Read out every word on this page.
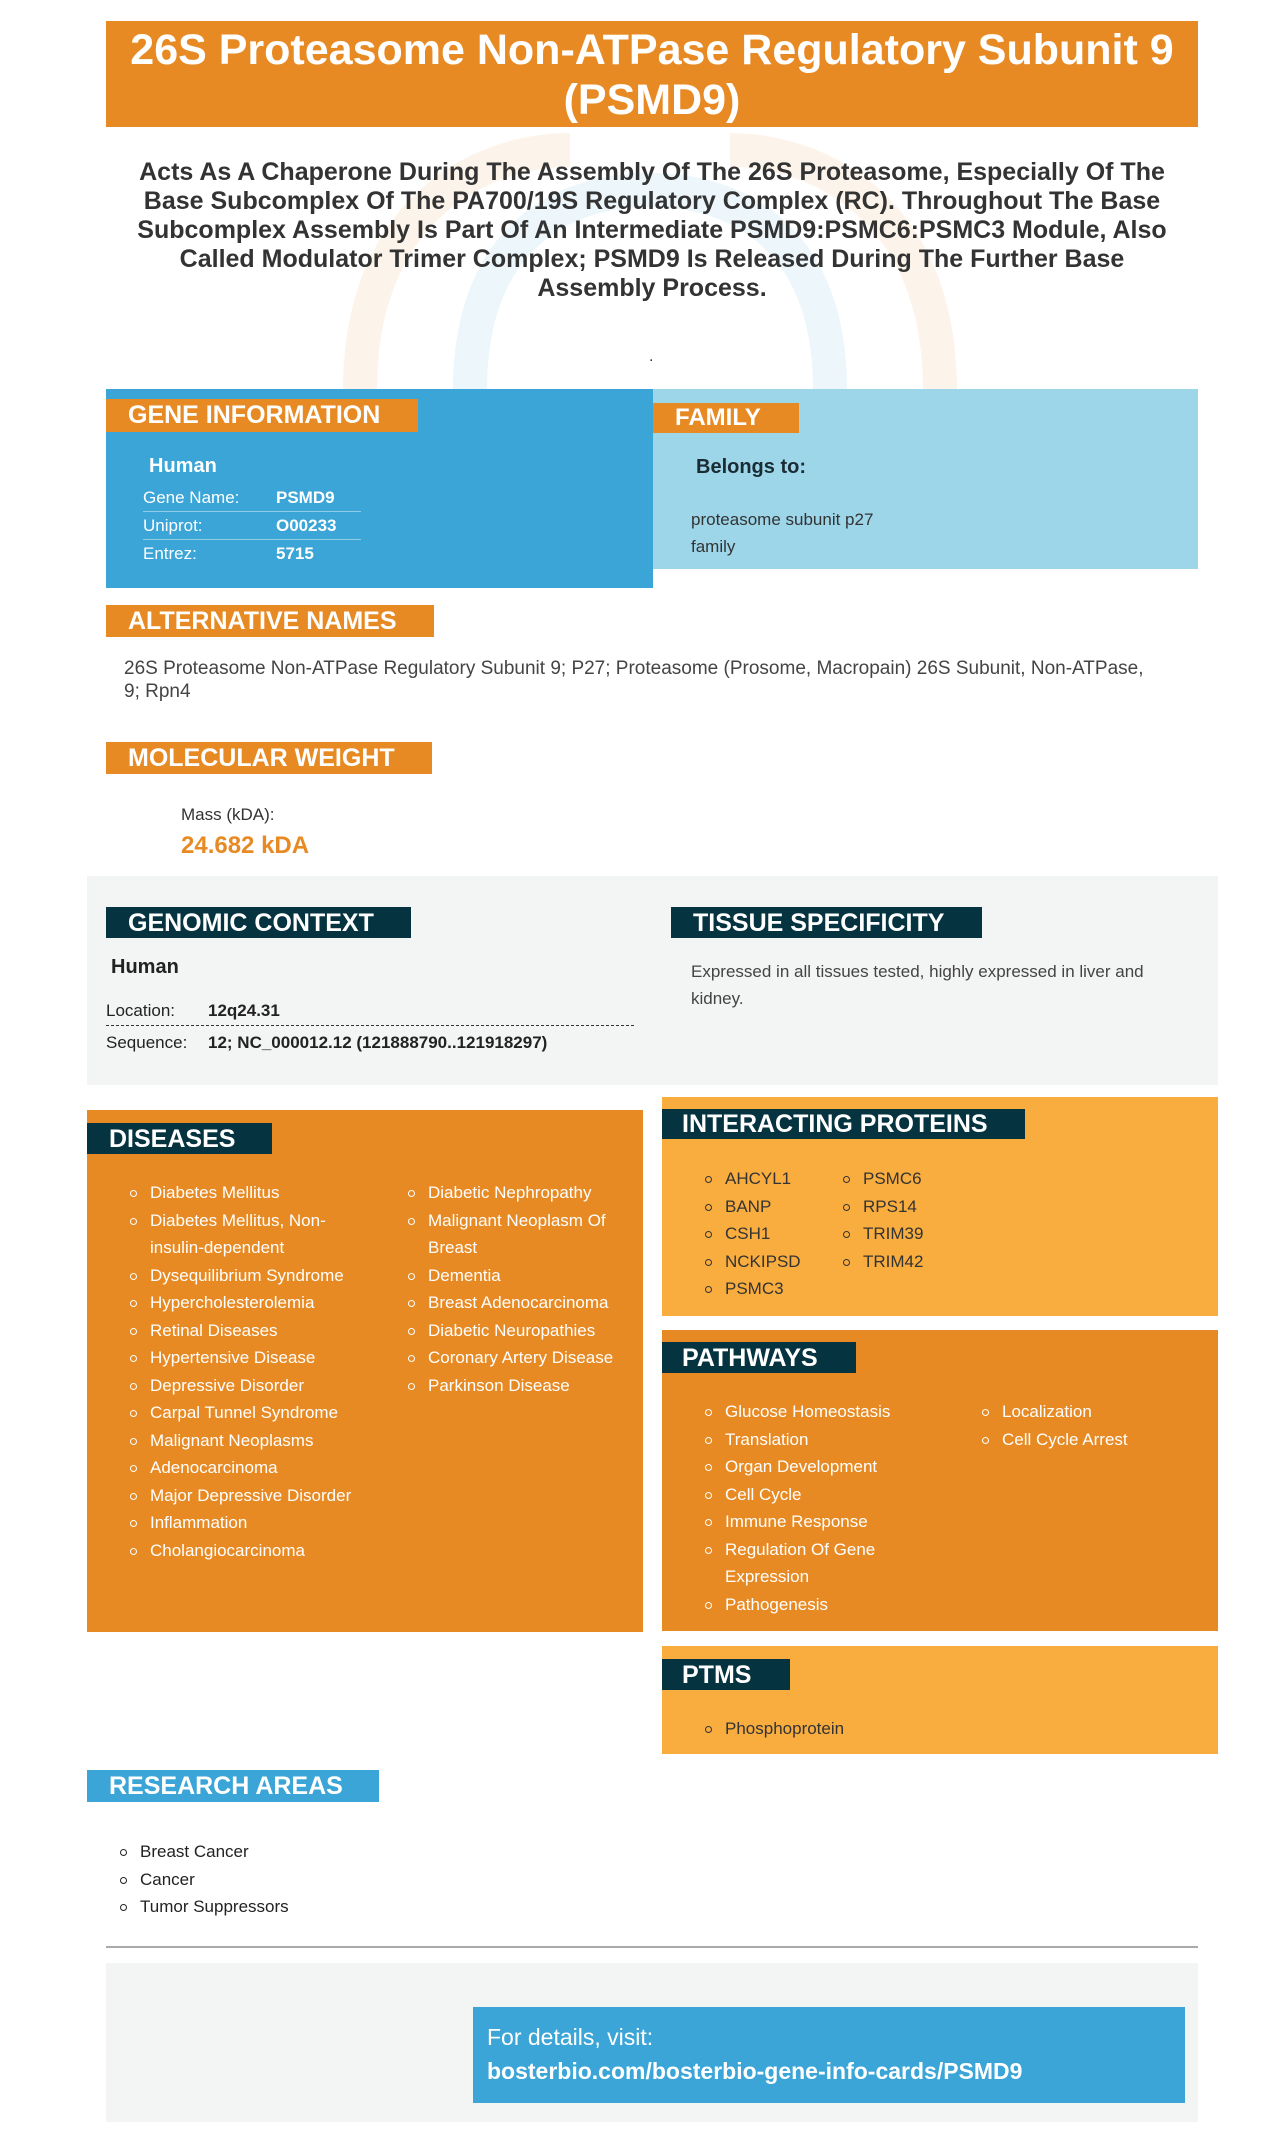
26S Proteasome Non-ATPase Regulatory Subunit 9 (PSMD9)
Acts As A Chaperone During The Assembly Of The 26S Proteasome, Especially Of The Base Subcomplex Of The PA700/19S Regulatory Complex (RC). Throughout The Base Subcomplex Assembly Is Part Of An Intermediate PSMD9:PSMC6:PSMC3 Module, Also Called Modulator Trimer Complex; PSMD9 Is Released During The Further Base Assembly Process.
.
GENE INFORMATION
Human
Gene Name:	PSMD9
Uniprot:	O00233
Entrez:	5715
FAMILY
Belongs to:
proteasome subunit p27
family
ALTERNATIVE NAMES
26S Proteasome Non-ATPase Regulatory Subunit 9; P27; Proteasome (Prosome, Macropain) 26S Subunit, Non-ATPase, 9; Rpn4
MOLECULAR WEIGHT
Mass (kDA):
24.682 kDA
GENOMIC CONTEXT
Human
Location:	12q24.31
Sequence:	12; NC_000012.12 (121888790..121918297)
TISSUE SPECIFICITY
Expressed in all tissues tested, highly expressed in liver and
kidney.
DISEASES
Diabetes Mellitus
Diabetes Mellitus, Non-insulin-dependent
Dysequilibrium Syndrome
Hypercholesterolemia
Retinal Diseases
Hypertensive Disease
Depressive Disorder
Carpal Tunnel Syndrome
Malignant Neoplasms
Adenocarcinoma
Major Depressive Disorder
Inflammation
Cholangiocarcinoma
Diabetic Nephropathy
Malignant Neoplasm Of Breast
Dementia
Breast Adenocarcinoma
Diabetic Neuropathies
Coronary Artery Disease
Parkinson Disease
INTERACTING PROTEINS
AHCYL1
BANP
CSH1
NCKIPSD
PSMC3
PSMC6
RPS14
TRIM39
TRIM42
PATHWAYS
Glucose Homeostasis
Translation
Organ Development
Cell Cycle
Immune Response
Regulation Of Gene Expression
Pathogenesis
Localization
Cell Cycle Arrest
PTMS
Phosphoprotein
RESEARCH AREAS
Breast Cancer
Cancer
Tumor Suppressors
For details, visit:
bosterbio.com/bosterbio-gene-info-cards/PSMD9
